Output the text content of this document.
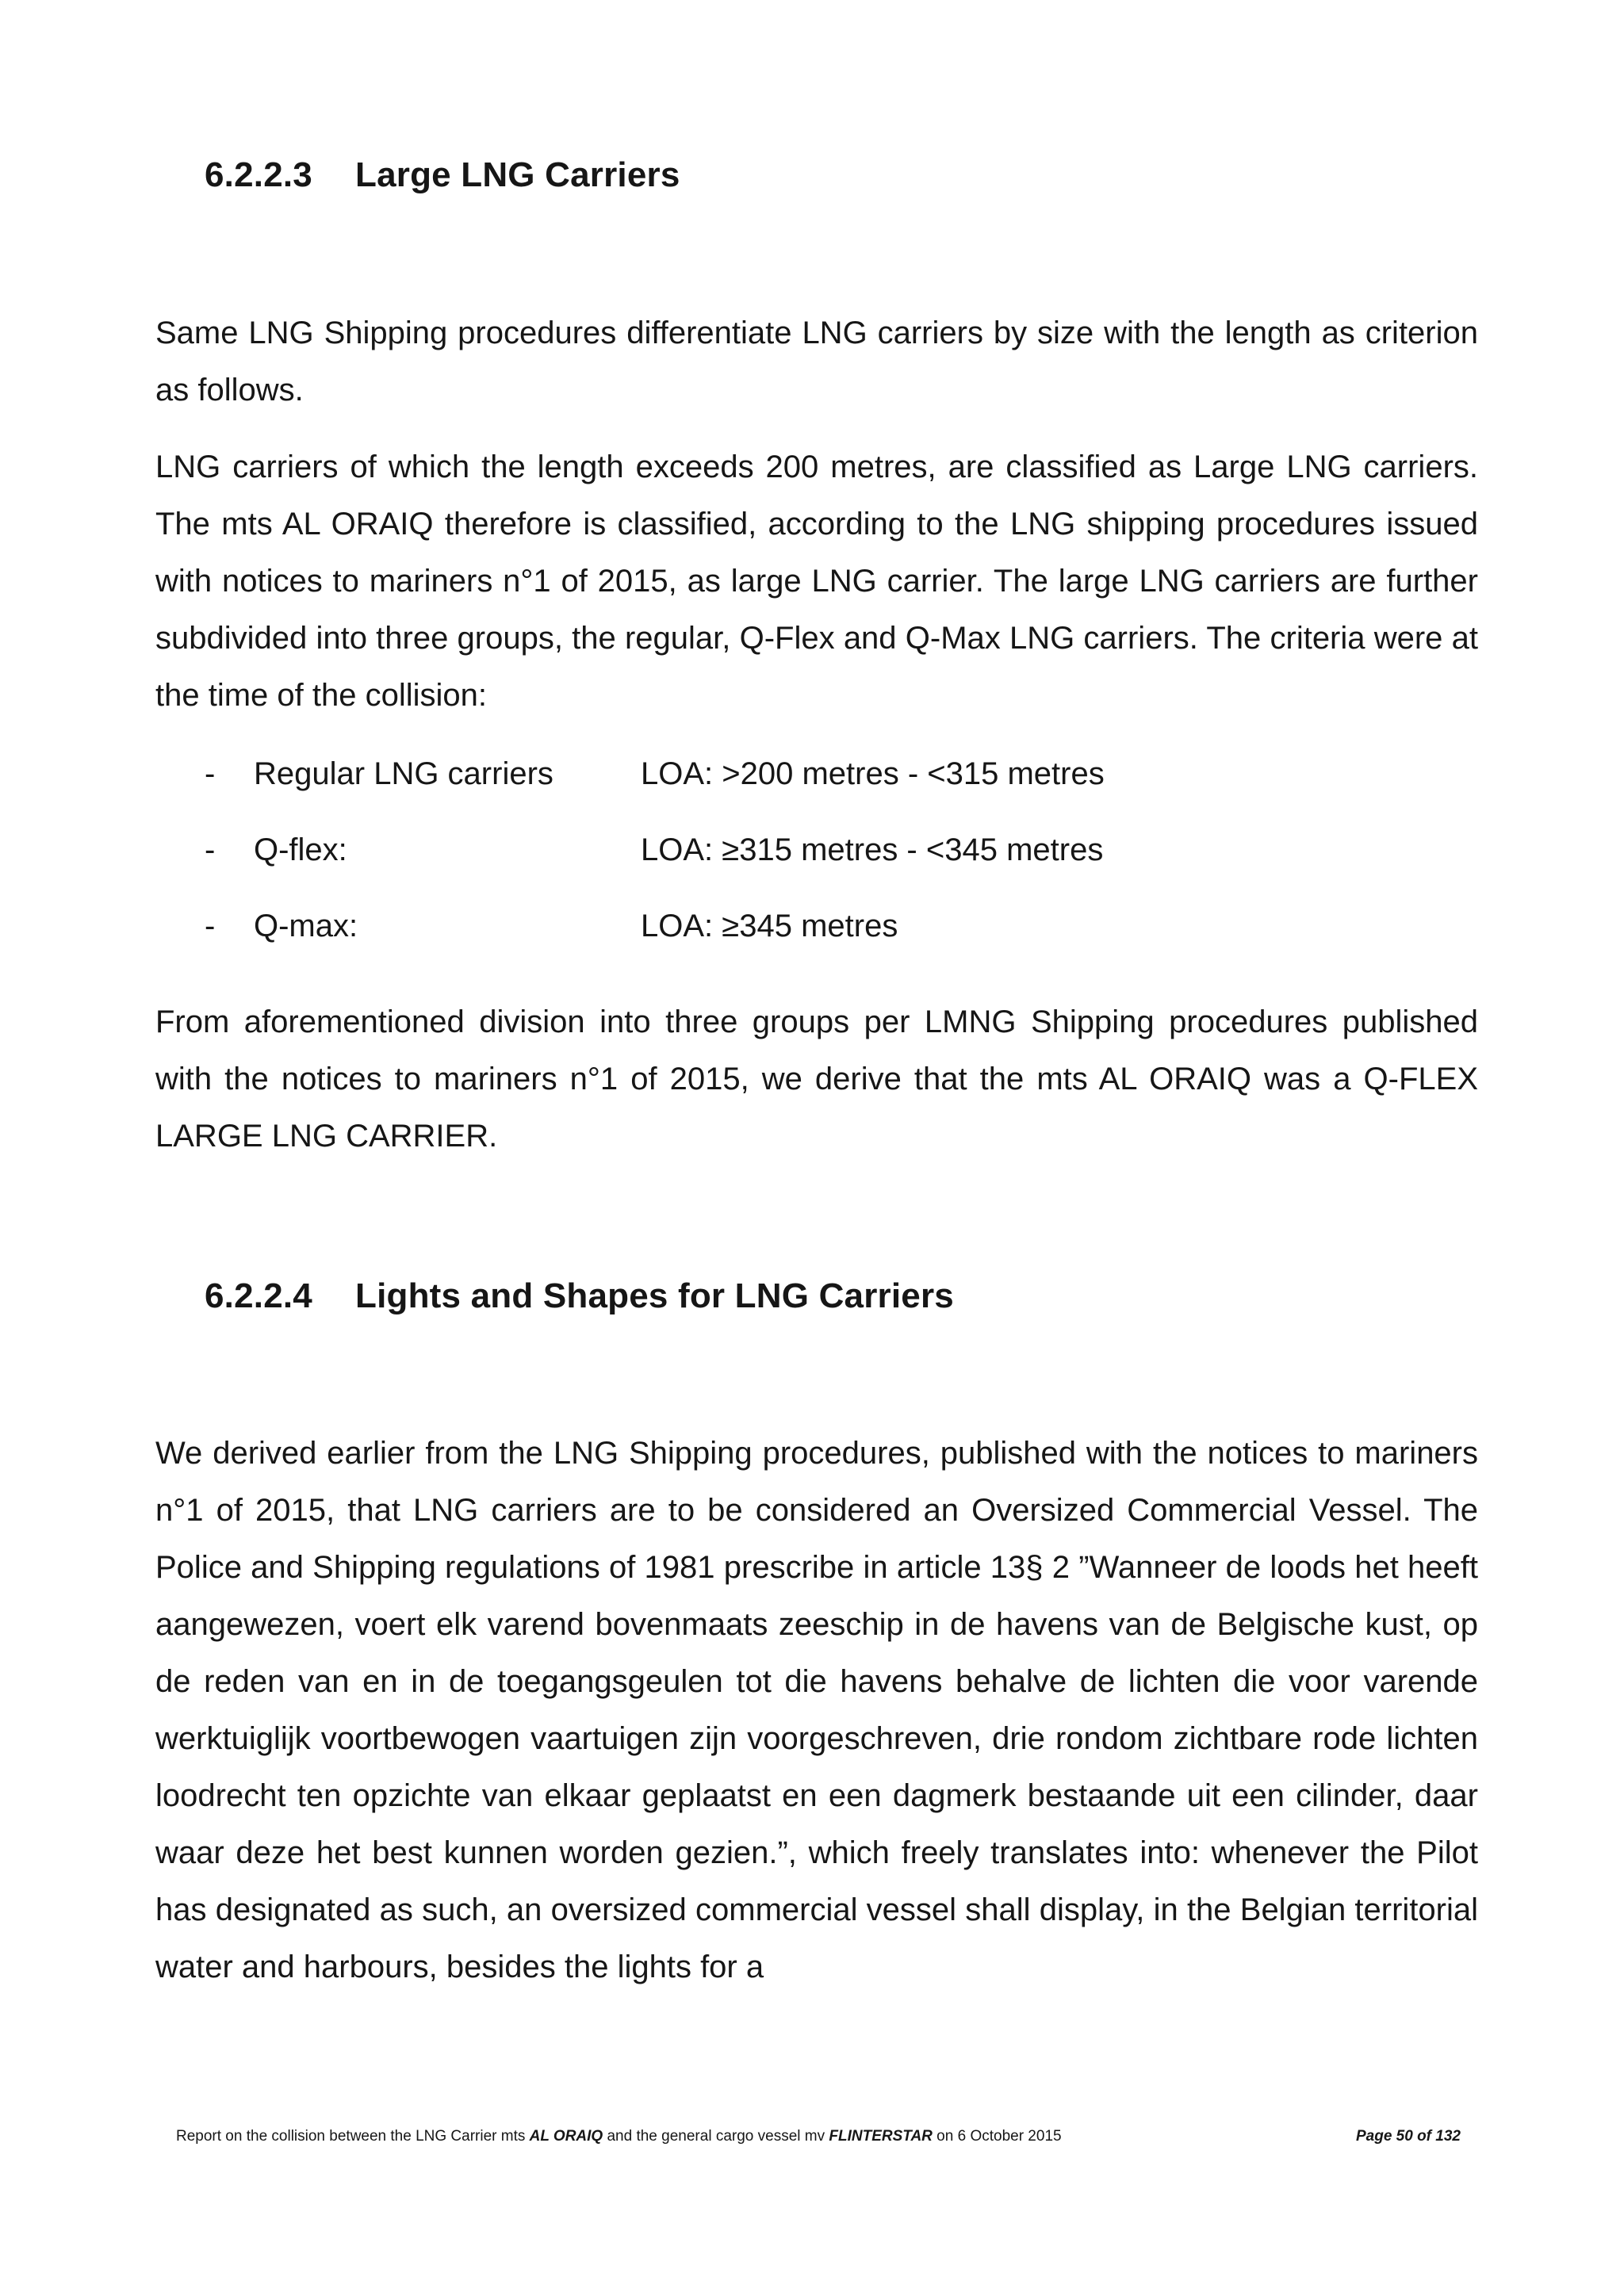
6.2.2.3 Large LNG Carriers

Same LNG Shipping procedures differentiate LNG carriers by size with the length as criterion as follows.

LNG carriers of which the length exceeds 200 metres, are classified as Large LNG carriers. The mts AL ORAIQ therefore is classified, according to the LNG shipping procedures issued with notices to mariners n°1 of 2015, as large LNG carrier. The large LNG carriers are further subdivided into three groups, the regular, Q-Flex and Q-Max LNG carriers. The criteria were at the time of the collision:

- Regular LNG carriers	LOA: >200 metres - <315 metres
- Q-flex:	LOA: ≥315 metres - <345 metres
- Q-max:	LOA: ≥345 metres

From aforementioned division into three groups per LMNG Shipping procedures published with the notices to mariners n°1 of 2015, we derive that the mts AL ORAIQ was a Q-FLEX LARGE LNG CARRIER.

6.2.2.4 Lights and Shapes for LNG Carriers

We derived earlier from the LNG Shipping procedures, published with the notices to mariners n°1 of 2015, that LNG carriers are to be considered an Oversized Commercial Vessel. The Police and Shipping regulations of 1981 prescribe in article 13§ 2 ”Wanneer de loods het heeft aangewezen, voert elk varend bovenmaats zeeschip in de havens van de Belgische kust, op de reden van en in de toegangsgeulen tot die havens behalve de lichten die voor varende werktuiglijk voortbewogen vaartuigen zijn voorgeschreven, drie rondom zichtbare rode lichten loodrecht ten opzichte van elkaar geplaatst en een dagmerk bestaande uit een cilinder, daar waar deze het best kunnen worden gezien.”, which freely translates into: whenever the Pilot has designated as such, an oversized commercial vessel shall display, in the Belgian territorial water and harbours, besides the lights for a

Report on the collision between the LNG Carrier mts AL ORAIQ and the general cargo vessel mv FLINTERSTAR on 6 October 2015	Page 50 of 132
